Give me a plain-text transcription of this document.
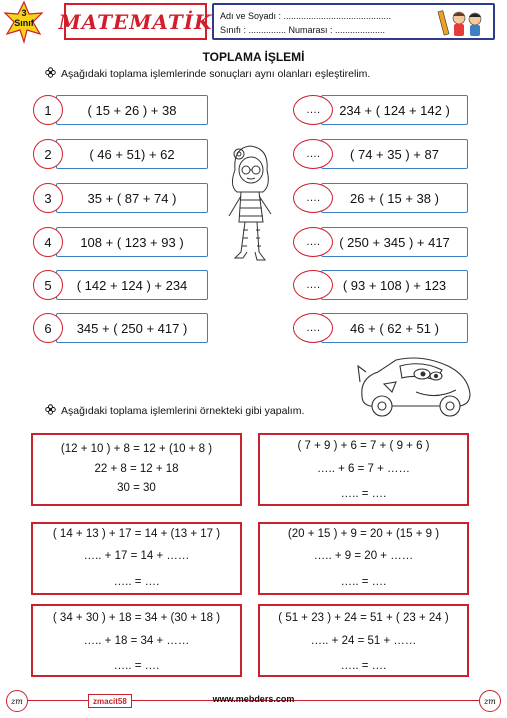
3
Sınıf	MATEMATİK Adı ve Soyadı : ...........................................
Sınıfı : ............... Numarası : ....................
TOPLAMA İŞLEMİ
Aşağıdaki toplama işlemlerinde sonuçları aynı olanları eşleştirelim.
1	( 15 + 26 ) + 38
2	( 46 + 51) + 62
3	35 + ( 87 + 74 )
4	108 + ( 123 + 93 )
5	( 142 + 124 ) + 234
6	345 + ( 250 + 417 )
….	234 + ( 124 + 142 )
….	( 74 + 35 ) + 87
….	26 + ( 15 + 38 )
….	( 250 + 345 ) + 417
….	( 93 + 108 ) + 123
….	46 + ( 62 + 51 )
Aşağıdaki toplama işlemlerini örnekteki gibi yapalım.
(12 + 10 ) + 8 = 12 + (10 + 8 )
22 + 8 = 12 + 18
30 = 30
( 7 + 9 ) + 6 = 7 + ( 9 + 6 )
….. + 6 = 7 + ……
….. = ….
( 14 + 13 ) + 17 = 14 + (13 + 17 )
….. + 17 = 14 + ……
….. = ….
(20 + 15 ) + 9 = 20 + (15 + 9 )
….. + 9 = 20 + ……
….. = ….
( 34 + 30 ) + 18 = 34 + (30 + 18 )
….. + 18 = 34 + ……
….. = ….
( 51 + 23 ) + 24 = 51 + ( 23 + 24 )
….. + 24 = 51 + ……
….. = ….
zm	zm
zmacit58	www.mebders.com
